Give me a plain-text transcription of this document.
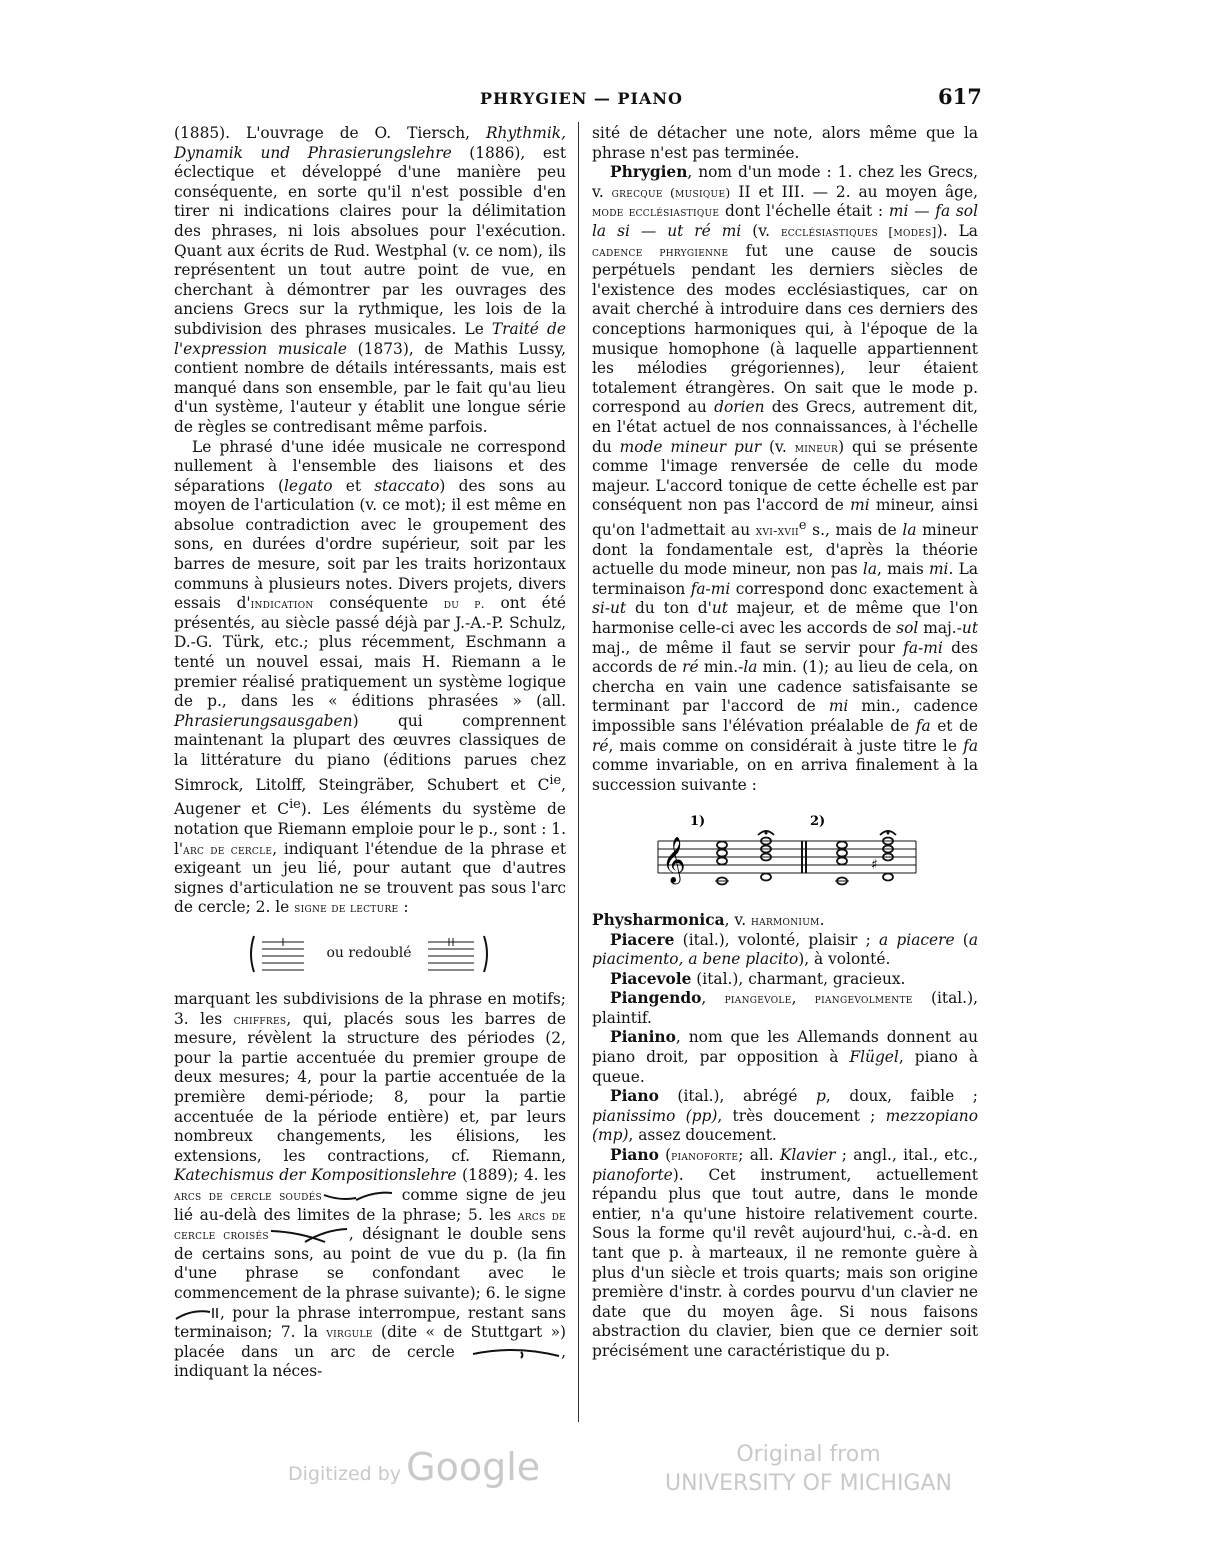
PHRYGIEN — PIANO	617

(1885). L'ouvrage de O. Tiersch, Rhythmik, Dynamik und Phrasierungslehre (1886), est éclectique et développé d'une manière peu conséquente, en sorte qu'il n'est possible d'en tirer ni indications claires pour la délimitation des phrases, ni lois absolues pour l'exécution. Quant aux écrits de Rud. Westphal (v. ce nom), ils représentent un tout autre point de vue, en cherchant à démontrer par les ouvrages des anciens Grecs sur la rythmique, les lois de la subdivision des phrases musicales. Le Traité de l'expression musicale (1873), de Mathis Lussy, contient nombre de détails intéressants, mais est manqué dans son ensemble, par le fait qu'au lieu d'un système, l'auteur y établit une longue série de règles se contredisant même parfois.

Le phrasé d'une idée musicale ne correspond nullement à l'ensemble des liaisons et des séparations (legato et staccato) des sons au moyen de l'articulation (v. ce mot); il est même en absolue contradiction avec le groupement des sons, en durées d'ordre supérieur, soit par les barres de mesure, soit par les traits horizontaux communs à plusieurs notes. Divers projets, divers essais d'indication conséquente du p. ont été présentés, au siècle passé déjà par J.-A.-P. Schulz, D.-G. Türk, etc.; plus récemment, Eschmann a tenté un nouvel essai, mais H. Riemann a le premier réalisé pratiquement un système logique de p., dans les « éditions phrasées » (all. Phrasierungsausgaben) qui comprennent maintenant la plupart des œuvres classiques de la littérature du piano (éditions parues chez Simrock, Litolff, Steingräber, Schubert et $C^{ie}$, Augener et $C^{ie}$). Les éléments du système de notation que Riemann emploie pour le p., sont : 1. l'arc de cercle, indiquant l'étendue de la phrase et exigeant un jeu lié, pour autant que d'autres signes d'articulation ne se trouvent pas sous l'arc de cercle; 2. le signe de lecture :

ou redoublé

marquant les subdivisions de la phrase en motifs; 3. les chiffres, qui, placés sous les barres de mesure, révèlent la structure des périodes (2, pour la partie accentuée du premier groupe de deux mesures; 4, pour la partie accentuée de la première demi-période; 8, pour la partie accentuée de la période entière) et, par leurs nombreux changements, les élisions, les extensions, les contractions, cf. Riemann, Katechismus der Kompositionslehre (1889); 4. les arcs de cercle soudés	comme signe de jeu lié au-delà des limites de la phrase; 5. les arcs de cercle croisés	, désignant le double sens de certains sons, au point de vue du p. (la fin d'une phrase se confondant avec le commencement de la phrase suivante); 6. le signe , pour la phrase interrompue, restant sans terminaison; 7. la virgule (dite « de Stuttgart ») placée dans un arc de cercle	, indiquant la néces-

sité de détacher une note, alors même que la phrase n'est pas terminée.

Phrygien, nom d'un mode : 1. chez les Grecs, v. grecque (musique) II et III. — 2. au moyen âge, mode ecclésiastique dont l'échelle était : mi — fa sol la si — ut ré mi (v. ecclésiastiques [modes]). La cadence phrygienne fut une cause de soucis perpétuels pendant les derniers siècles de l'existence des modes ecclésiastiques, car on avait cherché à introduire dans ces derniers des conceptions harmoniques qui, à l'époque de la musique homophone (à laquelle appartiennent les mélodies grégoriennes), leur étaient totalement étrangères. On sait que le mode p. correspond au dorien des Grecs, autrement dit, en l'état actuel de nos connaissances, à l'échelle du mode mineur pur (v. mineur) qui se présente comme l'image renversée de celle du mode majeur. L'accord tonique de cette échelle est par conséquent non pas l'accord de mi mineur, ainsi qu'on l'admettait au xvi-xvii$^e$ s., mais de la mineur dont la fondamentale est, d'après la théorie actuelle du mode mineur, non pas la, mais mi. La terminaison fa-mi correspond donc exactement à si-ut du ton d'ut majeur, et de même que l'on harmonise celle-ci avec les accords de sol maj.-ut maj., de même il faut se servir pour fa-mi des accords de ré min.-la min. (1); au lieu de cela, on chercha en vain une cadence satisfaisante se terminant par l'accord de mi min., cadence impossible sans l'élévation préalable de fa et de ré, mais comme on considérait à juste titre le fa comme invariable, on en arriva finalement à la succession suivante :

1)	2)
𝄞	♯

Physharmonica, v. harmonium.

Piacere (ital.), volonté, plaisir ; a piacere (a piacimento, a bene placito), à volonté.

Piacevole (ital.), charmant, gracieux.

Piangendo, piangevole, piangevolmente (ital.), plaintif.

Pianino, nom que les Allemands donnent au piano droit, par opposition à Flügel, piano à queue.

Piano (ital.), abrégé p, doux, faible ; pianissimo (pp), très doucement ; mezzopiano (mp), assez doucement.

Piano (pianoforte; all. Klavier ; angl., ital., etc., pianoforte). Cet instrument, actuellement répandu plus que tout autre, dans le monde entier, n'a qu'une histoire relativement courte. Sous la forme qu'il revêt aujourd'hui, c.-à-d. en tant que p. à marteaux, il ne remonte guère à plus d'un siècle et trois quarts; mais son origine première d'instr. à cordes pourvu d'un clavier ne date que du moyen âge. Si nous faisons abstraction du clavier, bien que ce dernier soit précisément une caractéristique du p.

Digitized by Google	Original from
UNIVERSITY OF MICHIGAN
